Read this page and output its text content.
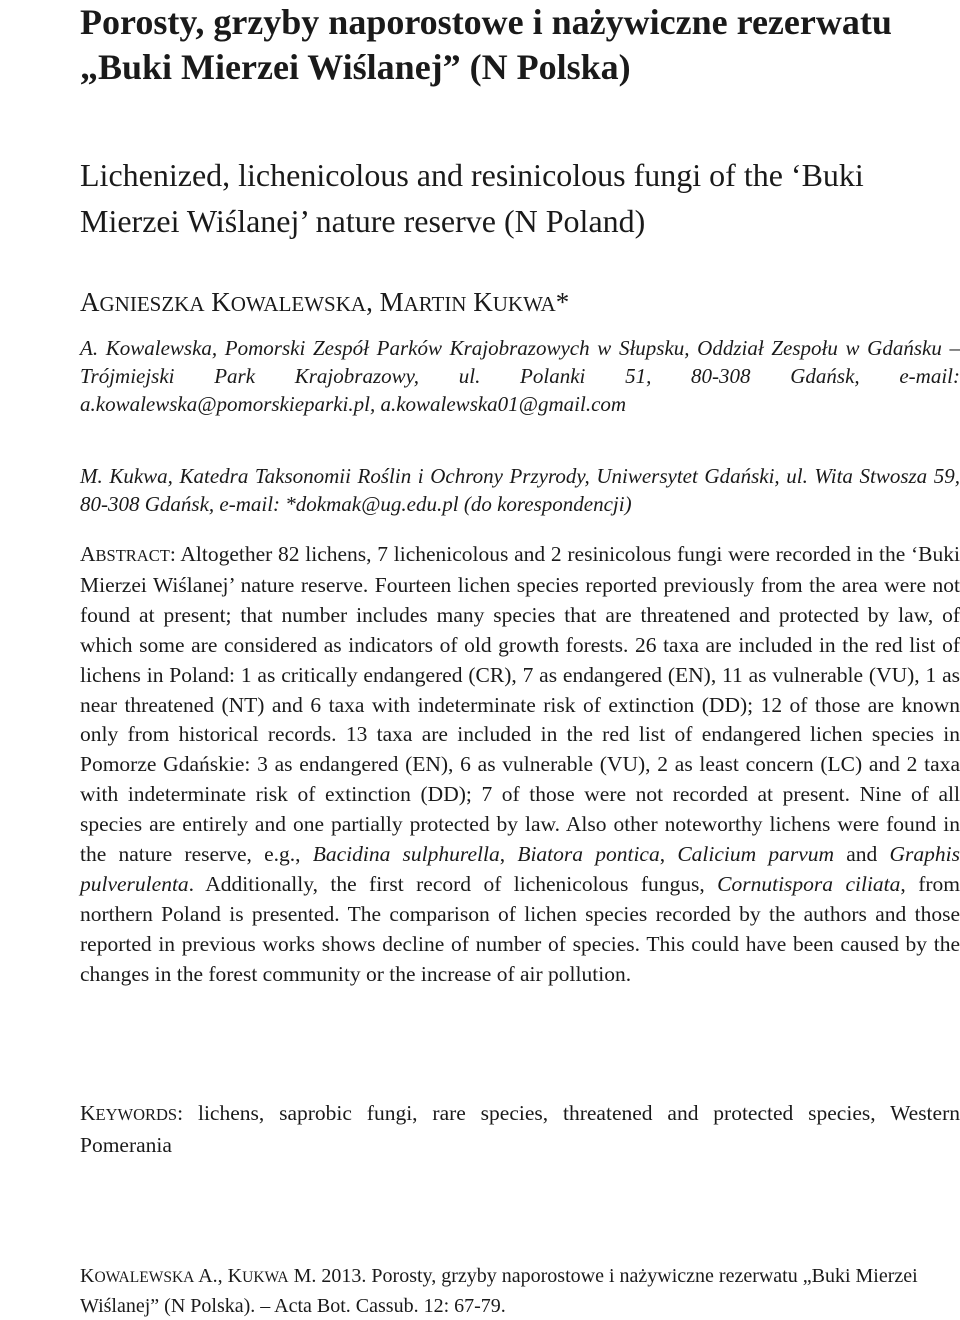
Porosty, grzyby naporostowe i nażywiczne rezerwatu „Buki Mierzei Wiślanej” (N Polska)
Lichenized, lichenicolous and resinicolous fungi of the ‘Buki Mierzei Wiślanej’ nature reserve (N Poland)

AGNIESZKA KOWALEWSKA, MARTIN KUKWA*

A. Kowalewska, Pomorski Zespół Parków Krajobrazowych w Słupsku, Oddział Zespołu w Gdańsku – Trójmiejski Park Krajobrazowy, ul. Polanki 51, 80-308 Gdańsk, e-mail: a.kowalewska@pomorskieparki.pl, a.kowalewska01@gmail.com

M. Kukwa, Katedra Taksonomii Roślin i Ochrony Przyrody, Uniwersytet Gdański, ul. Wita Stwosza 59, 80-308 Gdańsk, e-mail: *dokmak@ug.edu.pl (do korespondencji)

ABSTRACT: Altogether 82 lichens, 7 lichenicolous and 2 resinicolous fungi were recorded in the ‘Buki Mierzei Wiślanej’ nature reserve. Fourteen lichen species reported previously from the area were not found at present; that number includes many species that are threatened and protected by law, of which some are considered as indicators of old growth forests. 26 taxa are included in the red list of lichens in Poland: 1 as critically endangered (CR), 7 as endangered (EN), 11 as vulnerable (VU), 1 as near threatened (NT) and 6 taxa with indeterminate risk of extinction (DD); 12 of those are known only from historical records. 13 taxa are included in the red list of endangered lichen species in Pomorze Gdańskie: 3 as endangered (EN), 6 as vulnerable (VU), 2 as least concern (LC) and 2 taxa with indeterminate risk of extinction (DD); 7 of those were not recorded at present. Nine of all species are entirely and one partially protected by law. Also other noteworthy lichens were found in the nature reserve, e.g., Bacidina sulphurella, Biatora pontica, Calicium parvum and Graphis pulverulenta. Additionally, the first record of lichenicolous fungus, Cornutispora ciliata, from northern Poland is presented. The comparison of lichen species recorded by the authors and those reported in previous works shows decline of number of species. This could have been caused by the changes in the forest community or the increase of air pollution.

KEYWORDS: lichens, saprobic fungi, rare species, threatened and protected species, Western Pomerania

KOWALEWSKA A., KUKWA M. 2013. Porosty, grzyby naporostowe i nażywiczne rezerwatu „Buki Mierzei Wiślanej” (N Polska). – Acta Bot. Cassub. 12: 67-79.
